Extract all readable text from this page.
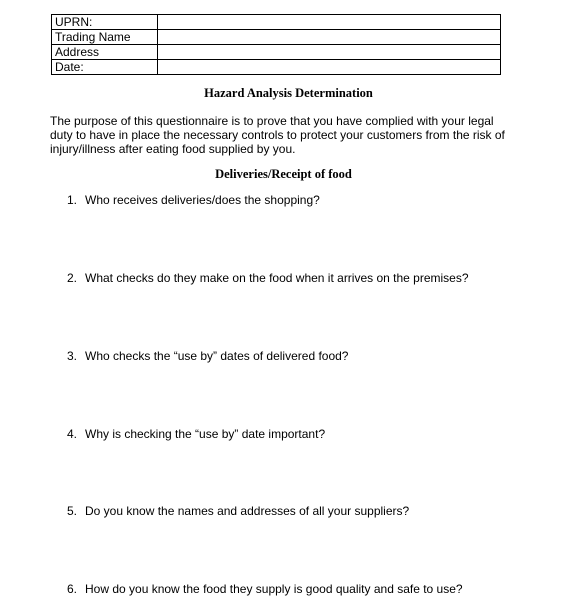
UPRN:	
Trading Name	
Address	
Date:	
Hazard Analysis Determination

The purpose of this questionnaire is to prove that you have complied with your legal duty to have in place the necessary controls to protect your customers from the risk of injury/illness after eating food supplied by you.

Deliveries/Receipt of food
1. Who receives deliveries/does the shopping?
2. What checks do they make on the food when it arrives on the premises?
3. Who checks the “use by” dates of delivered food?
4. Why is checking the “use by” date important?
5. Do you know the names and addresses of all your suppliers?
6. How do you know the food they supply is good quality and safe to use?
